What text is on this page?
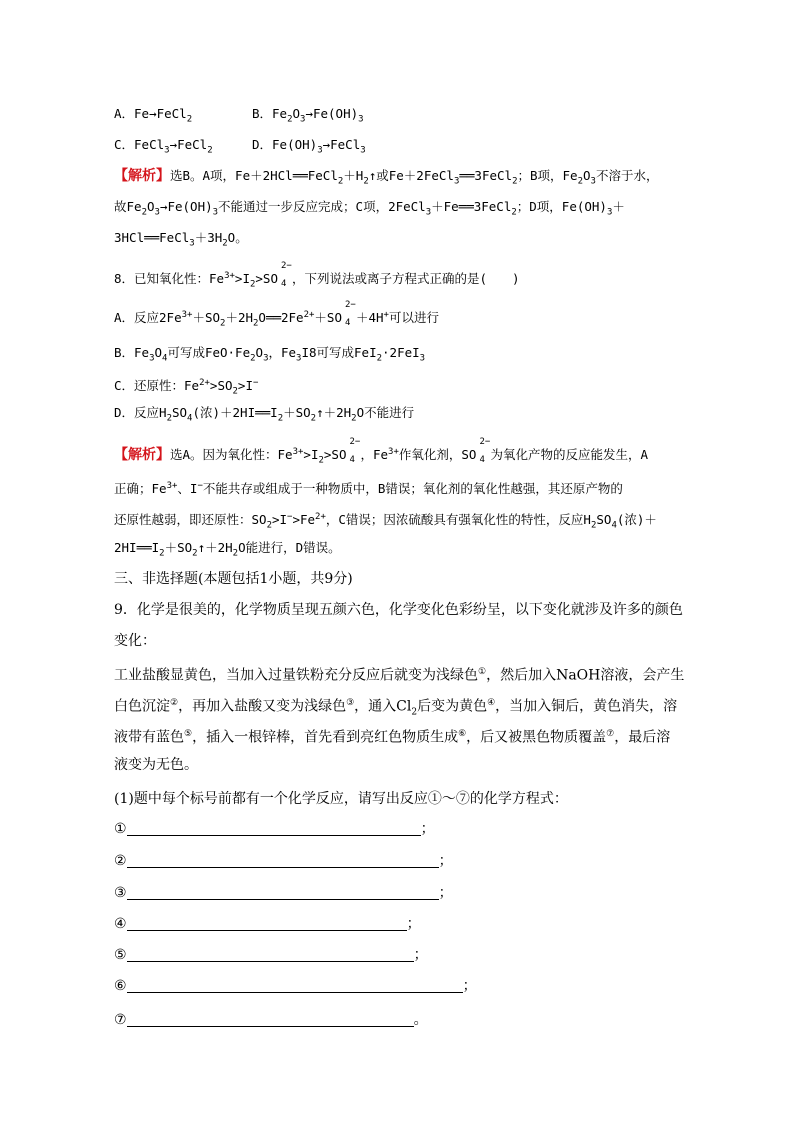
A．Fe→FeCl$_2$	B．$Fe_2O_3\to Fe(OH)_3$
C．FeCl$_3$→FeCl$_2$	D．$Fe(OH)_3\to FeCl_3$
【解析】选B。A项，$Fe+2HCl══FeCl_2+H_2↑$或Fe＋2FeCl$_3$══3FeCl$_2$；B项，$Fe_2O_3$不溶于水，
故$Fe_2O_3\to Fe(OH)_3$不能通过一步反应完成；C项，2FeCl$_3$＋Fe══3FeCl$_2$；D项，$Fe(OH)_3+$
$3HCl══FeCl_3+3H_2O$。
8．已知氧化性：$Fe^{3+}>I_2>SO$
2−
4 ，下列说法或离子方程式正确的是(　　)
A．反应$2Fe^{3+}+SO_2+2H_2O══2Fe^{2+}+SO$
2−
4 ＋4H+可以进行
B．$Fe_3O_4$可写成$FeO\cdot Fe_2O_3$，$Fe_3I8$可写成FeI$_2$·2FeI$_3$
C．还原性：$Fe^{2+}>SO_2>I^-$
D．反应$H_2SO_4$(浓)$+2HI══I_2+SO_2↑+2H_2O$不能进行
【解析】选A。因为氧化性：$Fe^{3+}>I_2>SO$
2−
4 ，$Fe^{3+}$作氧化剂，SO
2−
4 为氧化产物的反应能发生，A
正确；$Fe^{3+}$、I−不能共存或组成于一种物质中，B错误；氧化剂的氧化性越强，其还原产物的
还原性越弱，即还原性：$SO_2>I^->Fe^{2+}$，C错误；因浓硫酸具有强氧化性的特性，反应$H_2SO_4$(浓)＋
$2HI══I_2+SO_2↑+2H_2O$能进行，D错误。
三、非选择题(本题包括1小题，共9分)
9．化学是很美的，化学物质呈现五颜六色，化学变化色彩纷呈，以下变化就涉及许多的颜色
变化：
工业盐酸显黄色，当加入过量铁粉充分反应后就变为浅绿色①，然后加入NaOH溶液，会产生
白色沉淀②，再加入盐酸又变为浅绿色③，通入$Cl_2$后变为黄色④，当加入铜后，黄色消失，溶
液带有蓝色⑤，插入一根锌棒，首先看到亮红色物质生成⑥，后又被黑色物质覆盖⑦，最后溶
液变为无色。
(1)题中每个标号前都有一个化学反应，请写出反应①～⑦的化学方程式：
①	；
②	；
③	；
④	；
⑤	；
⑥	；
⑦	。
